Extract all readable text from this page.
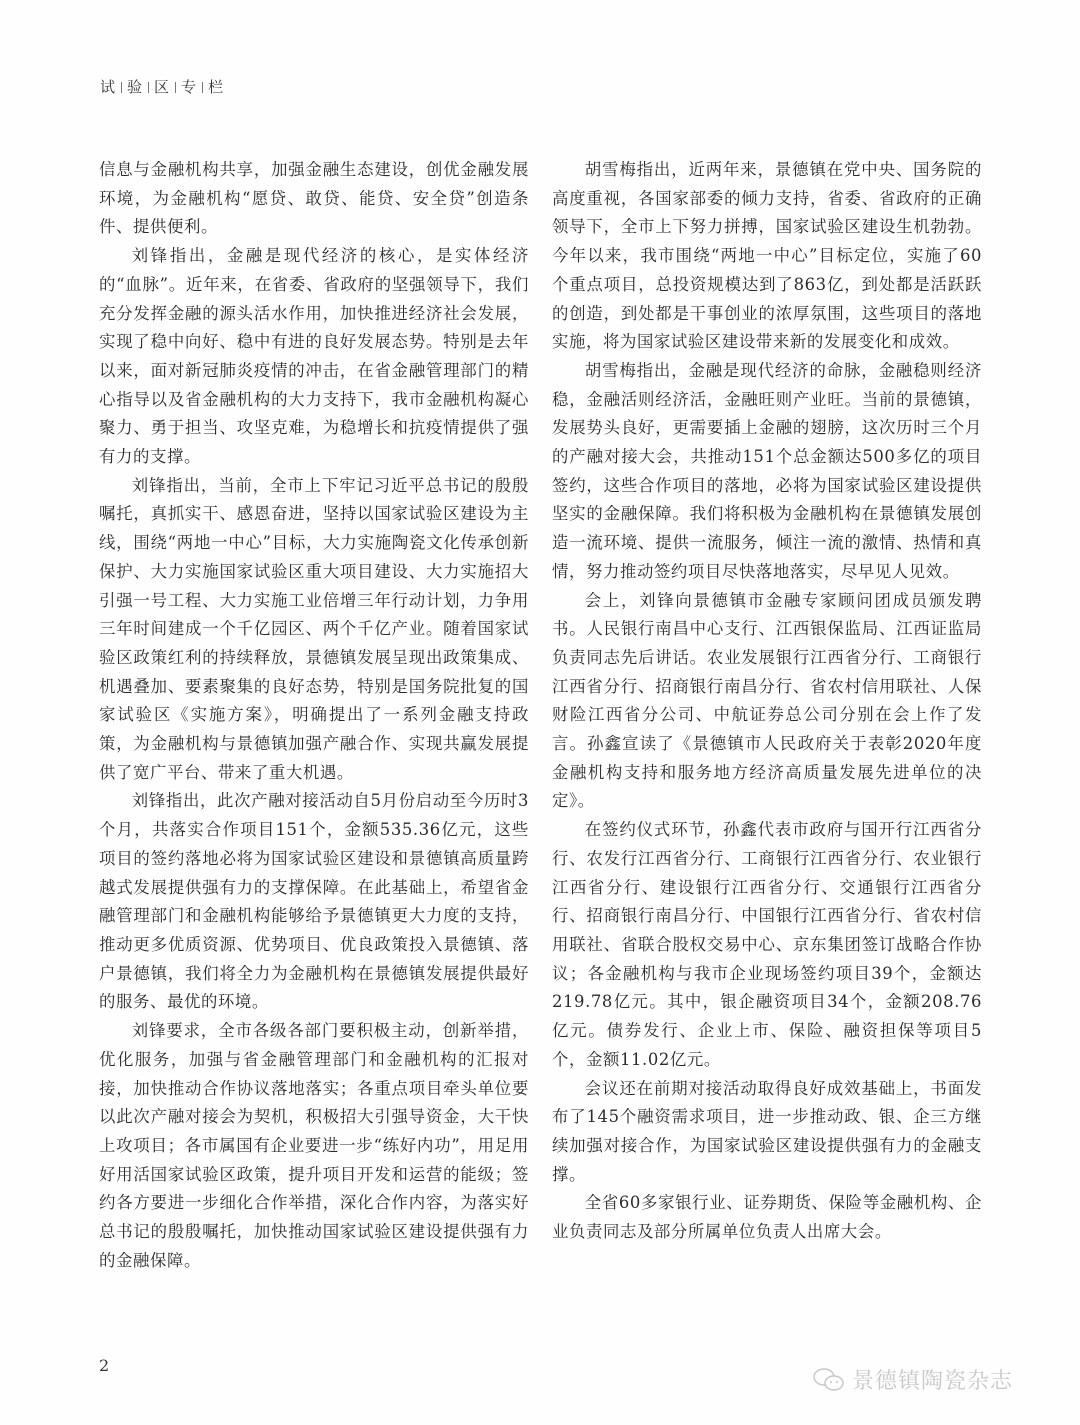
试 验 区 专 栏

信息与金融机构共享，加强金融生态建设，创优金融发展环境，为金融机构“愿贷、敢贷、能贷、安全贷”创造条件、提供便利。

刘锋指出，金融是现代经济的核心，是实体经济的“血脉”。近年来，在省委、省政府的坚强领导下，我们充分发挥金融的源头活水作用，加快推进经济社会发展，实现了稳中向好、稳中有进的良好发展态势。特别是去年以来，面对新冠肺炎疫情的冲击，在省金融管理部门的精心指导以及省金融机构的大力支持下，我市金融机构凝心聚力、勇于担当、攻坚克难，为稳增长和抗疫情提供了强有力的支撑。

刘锋指出，当前，全市上下牢记习近平总书记的殷殷嘱托，真抓实干、感恩奋进，坚持以国家试验区建设为主线，围绕“两地一中心”目标，大力实施陶瓷文化传承创新保护、大力实施国家试验区重大项目建设、大力实施招大引强一号工程、大力实施工业倍增三年行动计划，力争用三年时间建成一个千亿园区、两个千亿产业。随着国家试验区政策红利的持续释放，景德镇发展呈现出政策集成、机遇叠加、要素聚集的良好态势，特别是国务院批复的国家试验区《实施方案》，明确提出了一系列金融支持政策，为金融机构与景德镇加强产融合作、实现共赢发展提供了宽广平台、带来了重大机遇。

刘锋指出，此次产融对接活动自5月份启动至今历时3个月，共落实合作项目151个，金额535.36亿元，这些项目的签约落地必将为国家试验区建设和景德镇高质量跨越式发展提供强有力的支撑保障。在此基础上，希望省金融管理部门和金融机构能够给予景德镇更大力度的支持，推动更多优质资源、优势项目、优良政策投入景德镇、落户景德镇，我们将全力为金融机构在景德镇发展提供最好的服务、最优的环境。

刘锋要求，全市各级各部门要积极主动，创新举措，优化服务，加强与省金融管理部门和金融机构的汇报对接，加快推动合作协议落地落实；各重点项目牵头单位要以此次产融对接会为契机，积极招大引强导资金，大干快上攻项目；各市属国有企业要进一步“练好内功”，用足用好用活国家试验区政策，提升项目开发和运营的能级；签约各方要进一步细化合作举措，深化合作内容，为落实好总书记的殷殷嘱托，加快推动国家试验区建设提供强有力的金融保障。

胡雪梅指出，近两年来，景德镇在党中央、国务院的高度重视，各国家部委的倾力支持，省委、省政府的正确领导下，全市上下努力拼搏，国家试验区建设生机勃勃。今年以来，我市围绕“两地一中心”目标定位，实施了60个重点项目，总投资规模达到了863亿，到处都是活跃跃的创造，到处都是干事创业的浓厚氛围，这些项目的落地实施，将为国家试验区建设带来新的发展变化和成效。

胡雪梅指出，金融是现代经济的命脉，金融稳则经济稳，金融活则经济活，金融旺则产业旺。当前的景德镇，发展势头良好，更需要插上金融的翅膀，这次历时三个月的产融对接大会，共推动151个总金额达500多亿的项目签约，这些合作项目的落地，必将为国家试验区建设提供坚实的金融保障。我们将积极为金融机构在景德镇发展创造一流环境、提供一流服务，倾注一流的激情、热情和真情，努力推动签约项目尽快落地落实，尽早见人见效。

会上，刘锋向景德镇市金融专家顾问团成员颁发聘书。人民银行南昌中心支行、江西银保监局、江西证监局负责同志先后讲话。农业发展银行江西省分行、工商银行江西省分行、招商银行南昌分行、省农村信用联社、人保财险江西省分公司、中航证券总公司分别在会上作了发言。孙鑫宣读了《景德镇市人民政府关于表彰2020年度金融机构支持和服务地方经济高质量发展先进单位的决定》。

在签约仪式环节，孙鑫代表市政府与国开行江西省分行、农发行江西省分行、工商银行江西省分行、农业银行江西省分行、建设银行江西省分行、交通银行江西省分行、招商银行南昌分行、中国银行江西省分行、省农村信用联社、省联合股权交易中心、京东集团签订战略合作协议；各金融机构与我市企业现场签约项目39个，金额达219.78亿元。其中，银企融资项目34个，金额208.76亿元。债券发行、企业上市、保险、融资担保等项目5个，金额11.02亿元。

会议还在前期对接活动取得良好成效基础上，书面发布了145个融资需求项目，进一步推动政、银、企三方继续加强对接合作，为国家试验区建设提供强有力的金融支撑。

全省60多家银行业、证券期货、保险等金融机构、企业负责同志及部分所属单位负责人出席大会。

2
景德镇陶瓷杂志
